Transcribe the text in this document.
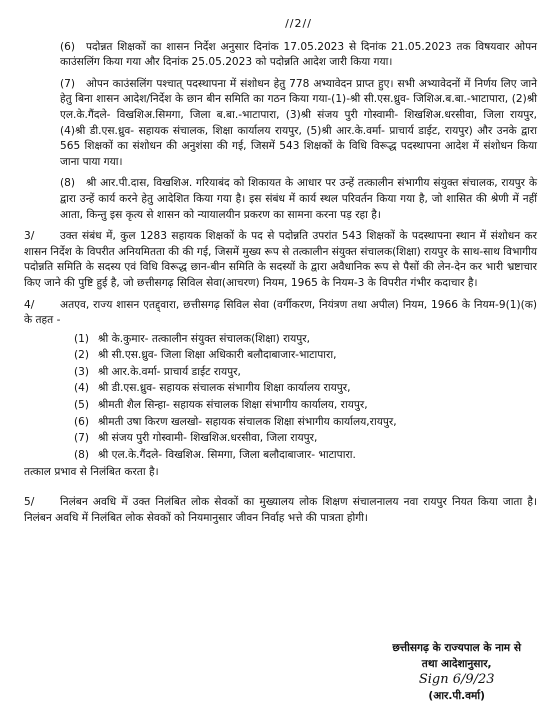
//2//

(6) पदोन्नत शिक्षकों का शासन निर्देश अनुसार दिनांक 17.05.2023 से दिनांक 21.05.2023 तक विषयवार ओपन काउंसलिंग किया गया और दिनांक 25.05.2023 को पदोन्नति आदेश जारी किया गया।

(7) ओपन काउंसलिंग पश्चात् पदस्थापना में संशोधन हेतु 778 अभ्यावेदन प्राप्त हुए। सभी अभ्यावेदनों में निर्णय लिए जाने हेतु बिना शासन आदेश/निर्देश के छान बीन समिति का गठन किया गया-(1)-श्री सी.एस.ध्रुव- जिशिअ.ब.बा.-भाटापारा, (2)श्री एल.के.गैंदले- विखशिअ.सिमगा, जिला ब.बा.-भाटापारा, (3)श्री संजय पुरी गोस्वामी- शिखशिअ.धरसीवा, जिला रायपुर, (4)श्री डी.एस.ध्रुव- सहायक संचालक, शिक्षा कार्यालय रायपुर, (5)श्री आर.के.वर्मा- प्राचार्य डाईट, रायपुर) और उनके द्वारा 565 शिक्षकों का संशोधन की अनुशंसा की गई, जिसमें 543 शिक्षकों के विधि विरूद्ध पदस्थापना आदेश में संशोधन किया जाना पाया गया।

(8) श्री आर.पी.दास, विखशिअ. गरियाबंद को शिकायत के आधार पर उन्हें तत्कालीन संभागीय संयुक्त संचालक, रायपुर के द्वारा उन्हें कार्य करने हेतु आदेशित किया गया है। इस संबंध में कार्य स्थल परिवर्तन किया गया है, जो शासित की श्रेणी में नहीं आता, किन्तु इस कृत्य से शासन को न्यायालयीन प्रकरण का सामना करना पड़ रहा है।

3/ उक्त संबंध में, कुल 1283 सहायक शिक्षकों के पद से पदोन्नति उपरांत 543 शिक्षकों के पदस्थापना स्थान में संशोधन कर शासन निर्देश के विपरीत अनियमितता की की गई, जिसमें मुख्य रूप से तत्कालीन संयुक्त संचालक(शिक्षा) रायपुर के साथ-साथ विभागीय पदोन्नति समिति के सदस्य एवं विधि विरूद्ध छान-बीन समिति के सदस्यों के द्वारा अवैधानिक रूप से पैसों की लेन-देन कर भारी भ्रष्टाचार किए जाने की पुष्टि हुई है, जो छत्तीसगढ़ सिविल सेवा(आचरण) नियम, 1965 के नियम-3 के विपरीत गंभीर कदाचार है।

4/ अतएव, राज्य शासन एतद्द्वारा, छत्तीसगढ़ सिविल सेवा (वर्गीकरण, नियंत्रण तथा अपील) नियम, 1966 के नियम-9(1)(क) के तहत -

(1) श्री के.कुमार- तत्कालीन संयुक्त संचालक(शिक्षा) रायपुर,
(2) श्री सी.एस.ध्रुव- जिला शिक्षा अधिकारी बलौदाबाजार-भाटापारा,
(3) श्री आर.के.वर्मा- प्राचार्य डाईट रायपुर,
(4) श्री डी.एस.ध्रुव- सहायक संचालक संभागीय शिक्षा कार्यालय रायपुर,
(5) श्रीमती शैल सिन्हा- सहायक संचालक शिक्षा संभागीय कार्यालय, रायपुर,
(6) श्रीमती उषा किरण खलखो- सहायक संचालक शिक्षा संभागीय कार्यालय,रायपुर,
(7) श्री संजय पुरी गोस्वामी- शिखशिअ.धरसीवा, जिला रायपुर,
(8) श्री एल.के.गैंदले- विखशिअ. सिमगा, जिला बलौदाबाजार- भाटापारा.

तत्काल प्रभाव से निलंबित करता है।

5/ निलंबन अवधि में उक्त निलंबित लोक सेवकों का मुख्यालय लोक शिक्षण संचालनालय नवा रायपुर नियत किया जाता है। निलंबन अवधि में निलंबित लोक सेवकों को नियमानुसार जीवन निर्वाह भत्ते की पात्रता होगी।

छत्तीसगढ़ के राज्यपाल के नाम से
तथा आदेशानुसार,
Sign 6/9/23
(आर.पी.वर्मा)
